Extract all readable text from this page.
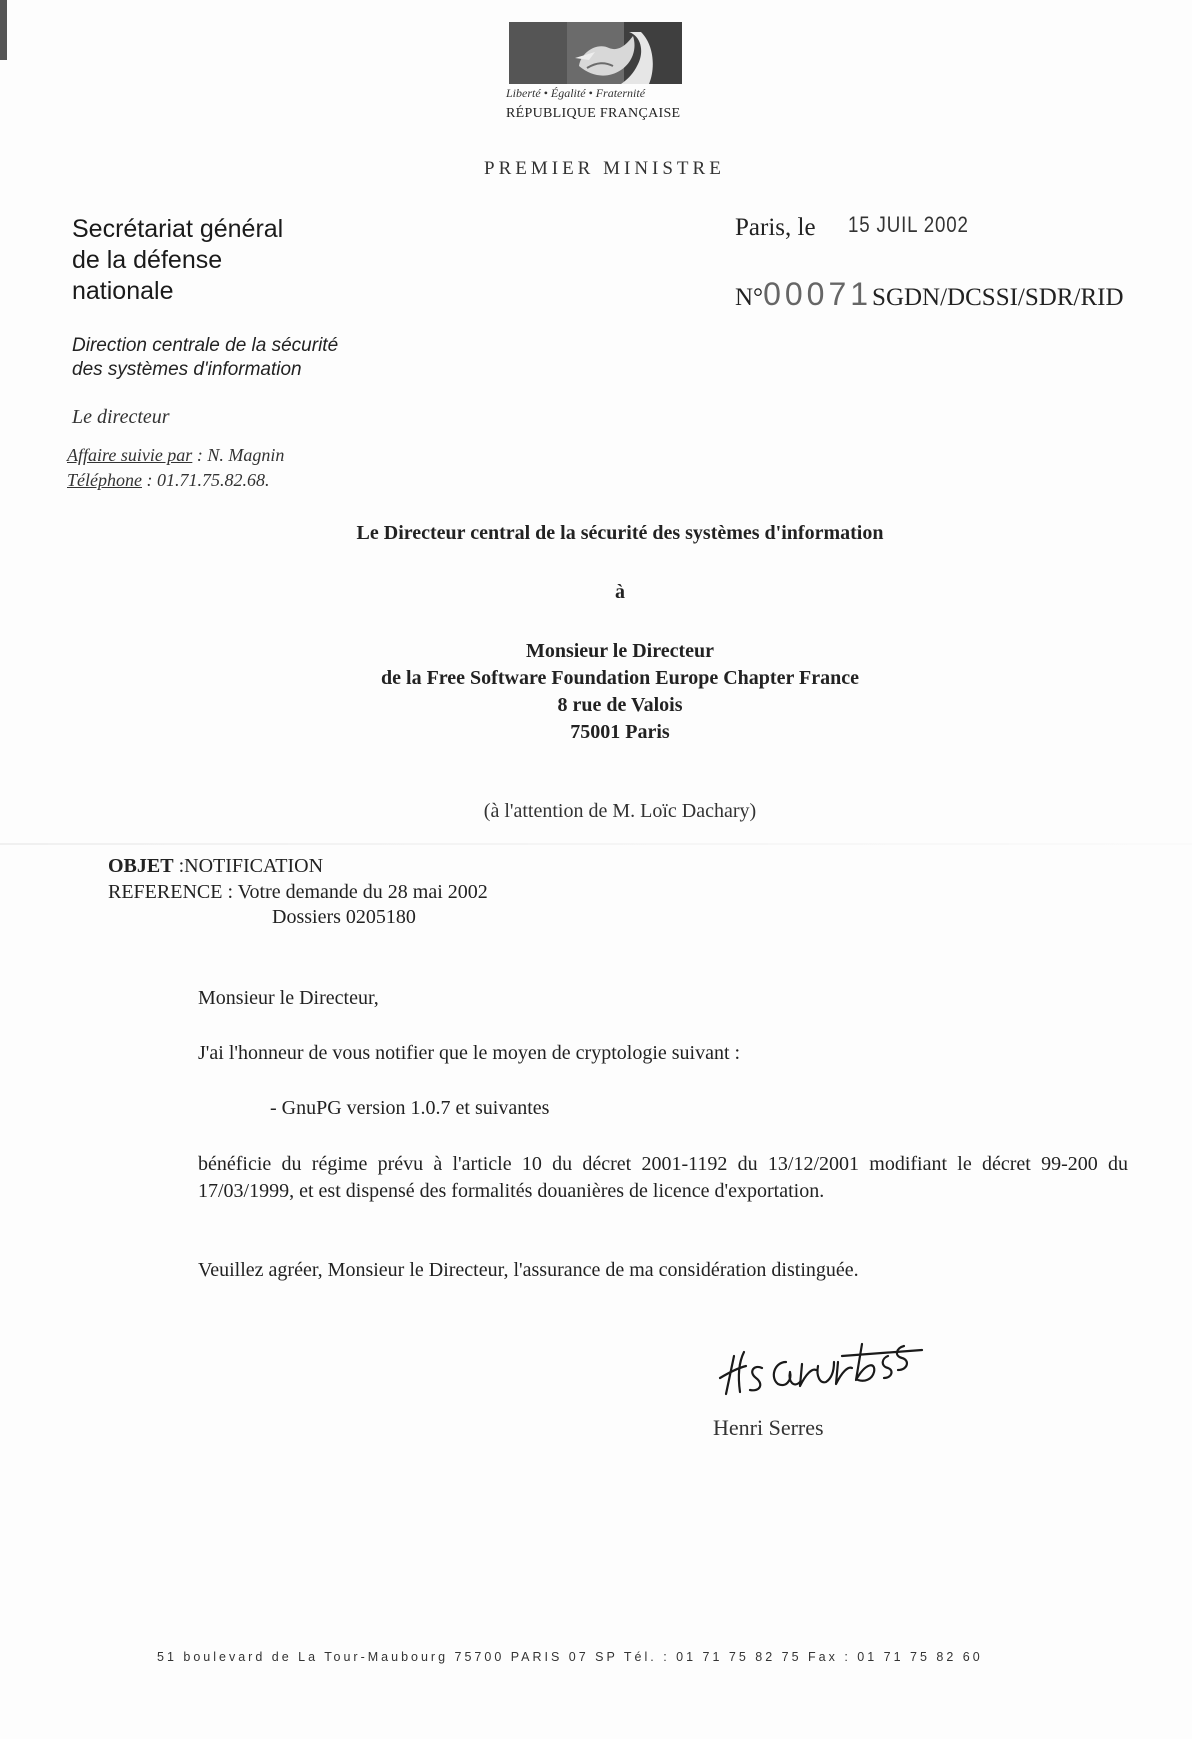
Liberté • Égalité • Fraternité
RÉPUBLIQUE FRANÇAISE
PREMIER MINISTRE
Secrétariat général
de la défense
nationale
Direction centrale de la sécurité
des systèmes d'information
Le directeur
Affaire suivie par : N. Magnin
Téléphone : 01.71.75.82.68.
Paris, le 15 JUIL 2002
N°00071SGDN/DCSSI/SDR/RID
Le Directeur central de la sécurité des systèmes d'information
à
Monsieur le Directeur
de la Free Software Foundation Europe Chapter France
8 rue de Valois
75001 Paris
(à l'attention de M. Loïc Dachary)
OBJET :NOTIFICATION
REFERENCE : Votre demande du 28 mai 2002
Dossiers 0205180
Monsieur le Directeur,
J'ai l'honneur de vous notifier que le moyen de cryptologie suivant :
- GnuPG version 1.0.7 et suivantes
bénéficie du régime prévu à l'article 10 du décret 2001-1192 du 13/12/2001 modifiant le décret 99-200 du 17/03/1999, et est dispensé des formalités douanières de licence d'exportation.
Veuillez agréer, Monsieur le Directeur, l'assurance de ma considération distinguée.
Henri Serres
51 boulevard de La Tour-Maubourg 75700 PARIS 07 SP Tél. : 01 71 75 82 75 Fax : 01 71 75 82 60
